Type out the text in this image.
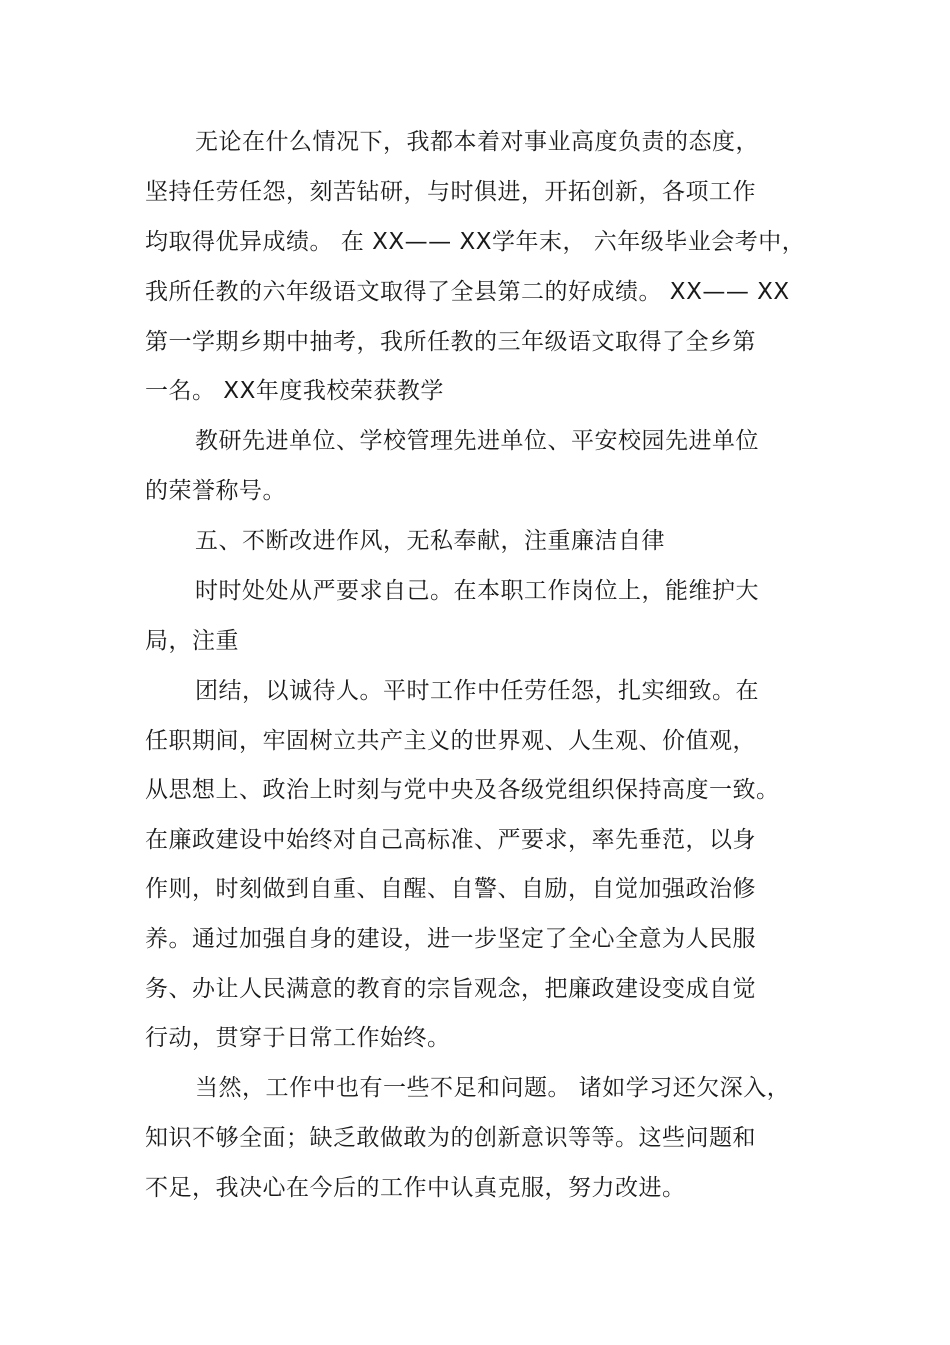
无论在什么情况下，我都本着对事业高度负责的态度，
坚持任劳任怨，刻苦钻研，与时俱进，开拓创新，各项工作
均取得优异成绩。 在 XX—— XX学年末， 六年级毕业会考中，
我所任教的六年级语文取得了全县第二的好成绩。 XX—— XX
第一学期乡期中抽考，我所任教的三年级语文取得了全乡第
一名。 XX年度我校荣获教学
教研先进单位、学校管理先进单位、平安校园先进单位
的荣誉称号。
五、不断改进作风，无私奉献，注重廉洁自律
时时处处从严要求自己。在本职工作岗位上，能维护大
局，注重
团结，以诚待人。平时工作中任劳任怨，扎实细致。在
任职期间，牢固树立共产主义的世界观、人生观、价值观，
从思想上、政治上时刻与党中央及各级党组织保持高度一致。
在廉政建设中始终对自己高标准、严要求，率先垂范，以身
作则，时刻做到自重、自醒、自警、自励，自觉加强政治修
养。通过加强自身的建设，进一步坚定了全心全意为人民服
务、办让人民满意的教育的宗旨观念，把廉政建设变成自觉
行动，贯穿于日常工作始终。
当然，工作中也有一些不足和问题。 诸如学习还欠深入，
知识不够全面；缺乏敢做敢为的创新意识等等。这些问题和
不足，我决心在今后的工作中认真克服，努力改进。
